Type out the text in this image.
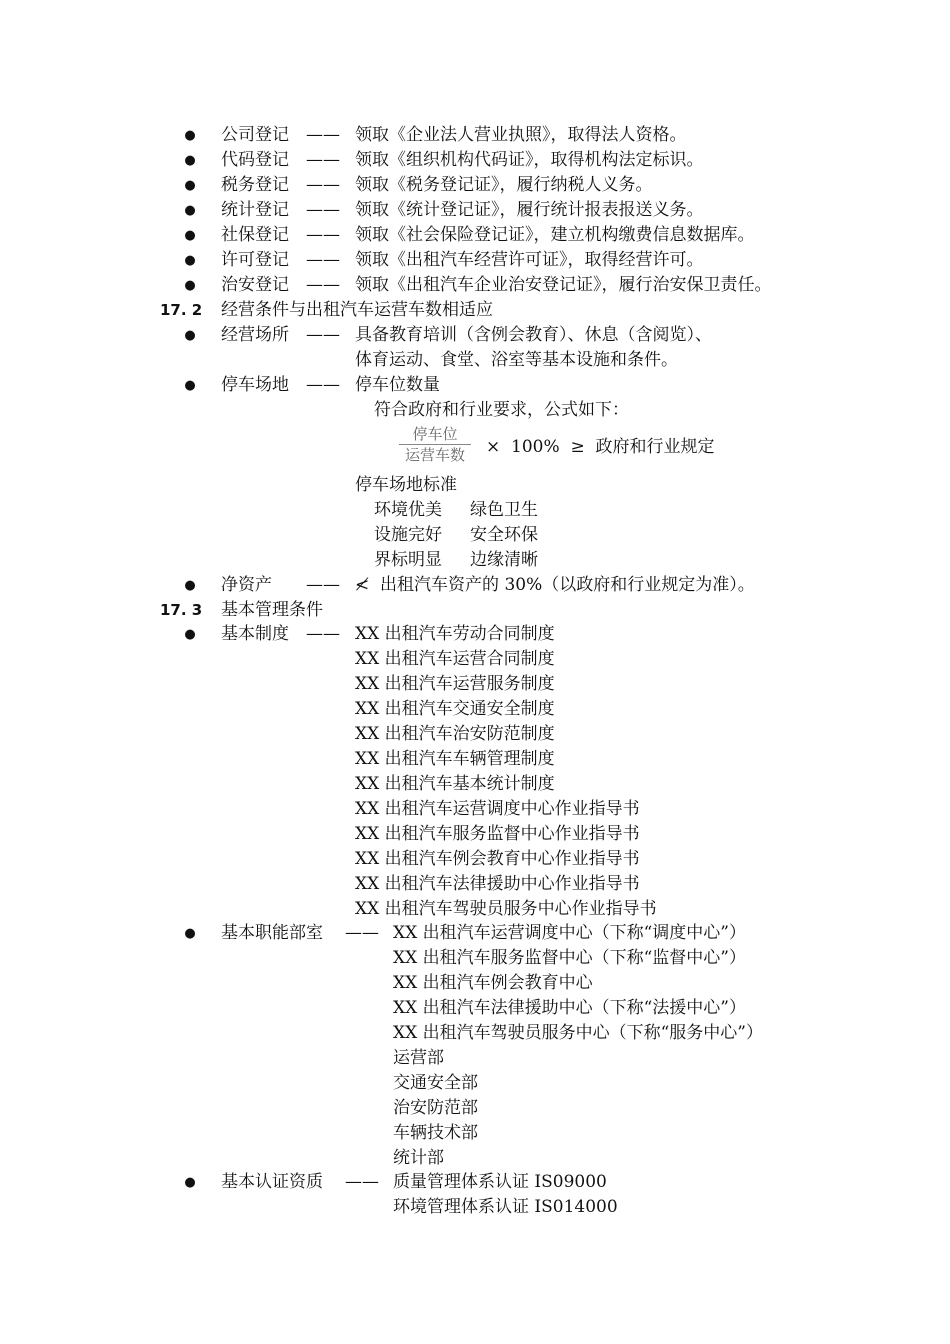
● 公司登记 —— 领取《企业法人营业执照》，取得法人资格。
● 代码登记 —— 领取《组织机构代码证》，取得机构法定标识。
● 税务登记 —— 领取《税务登记证》，履行纳税人义务。
● 统计登记 —— 领取《统计登记证》，履行统计报表报送义务。
● 社保登记 —— 领取《社会保险登记证》，建立机构缴费信息数据库。
● 许可登记 —— 领取《出租汽车经营许可证》，取得经营许可。
● 治安登记 —— 领取《出租汽车企业治安登记证》，履行治安保卫责任。
17. 2 经营条件与出租汽车运营车数相适应
● 经营场所 —— 具备教育培训（含例会教育）、休息（含阅览）、
体育运动、食堂、浴室等基本设施和条件。
● 停车场地 —— 停车位数量
符合政府和行业要求，公式如下：
停车位
运营车数	×  100%  ≥  政府和行业规定
停车场地标准
环境优美 绿色卫生
设施完好 安全环保
界标明显 边缘清晰
● 净资产 —— ≮  出租汽车资产的 30%（以政府和行业规定为准）。
17. 3 基本管理条件
● 基本制度 —— XX 出租汽车劳动合同制度
XX 出租汽车运营合同制度
XX 出租汽车运营服务制度
XX 出租汽车交通安全制度
XX 出租汽车治安防范制度
XX 出租汽车车辆管理制度
XX 出租汽车基本统计制度
XX 出租汽车运营调度中心作业指导书
XX 出租汽车服务监督中心作业指导书
XX 出租汽车例会教育中心作业指导书
XX 出租汽车法律援助中心作业指导书
XX 出租汽车驾驶员服务中心作业指导书
● 基本职能部室 —— XX 出租汽车运营调度中心（下称“调度中心”）
XX 出租汽车服务监督中心（下称“监督中心”）
XX 出租汽车例会教育中心
XX 出租汽车法律援助中心（下称“法援中心”）
XX 出租汽车驾驶员服务中心（下称“服务中心”）
运营部
交通安全部
治安防范部
车辆技术部
统计部
● 基本认证资质 —— 质量管理体系认证 IS09000
环境管理体系认证 IS014000
